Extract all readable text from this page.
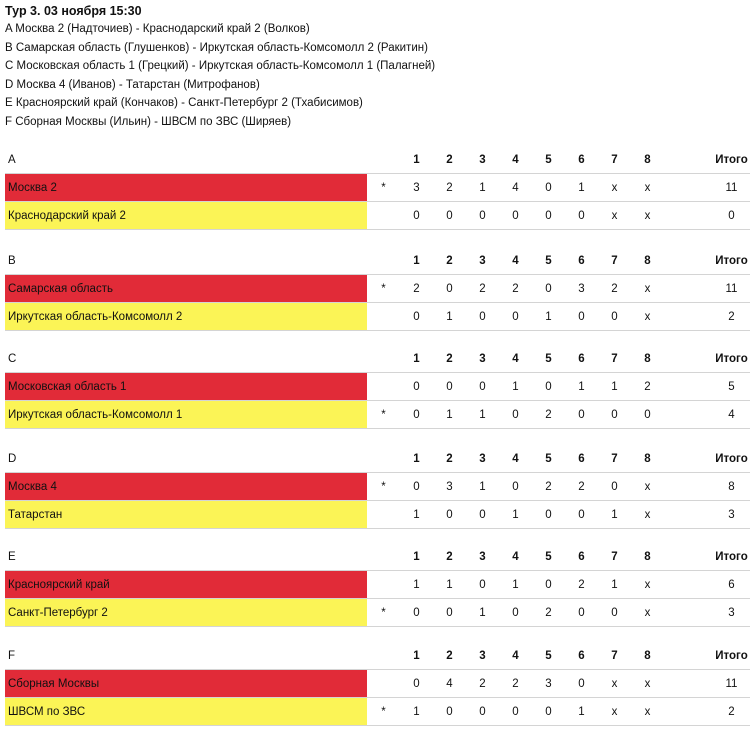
Тур 3. 03 ноября 15:30
A Москва 2 (Надточиев) - Краснодарский край 2 (Волков)
B Самарская область (Глушенков) - Иркутская область-Комсомолл 2 (Ракитин)
C Московская область 1 (Грецкий) - Иркутская область-Комсомолл 1 (Палагней)
D Москва 4 (Иванов) - Татарстан (Митрофанов)
E Красноярский край (Кончаков) - Санкт-Петербург 2 (Тхабисимов)
F Сборная Москвы (Ильин) - ШВСМ по ЗВС (Ширяев)
A		1	2	3	4	5	6	7	8		Итого
Москва 2	*	3	2	1	4	0	1	x	x		11
Краснодарский край 2		0	0	0	0	0	0	x	x		0
B		1	2	3	4	5	6	7	8		Итого
Самарская область	*	2	0	2	2	0	3	2	x		11
Иркутская область-Комсомолл 2		0	1	0	0	1	0	0	x		2
C		1	2	3	4	5	6	7	8		Итого
Московская область 1		0	0	0	1	0	1	1	2		5
Иркутская область-Комсомолл 1	*	0	1	1	0	2	0	0	0		4
D		1	2	3	4	5	6	7	8		Итого
Москва 4	*	0	3	1	0	2	2	0	x		8
Татарстан		1	0	0	1	0	0	1	x		3
E		1	2	3	4	5	6	7	8		Итого
Красноярский край		1	1	0	1	0	2	1	x		6
Санкт-Петербург 2	*	0	0	1	0	2	0	0	x		3
F		1	2	3	4	5	6	7	8		Итого
Сборная Москвы		0	4	2	2	3	0	x	x		11
ШВСМ по ЗВС	*	1	0	0	0	0	1	x	x		2
